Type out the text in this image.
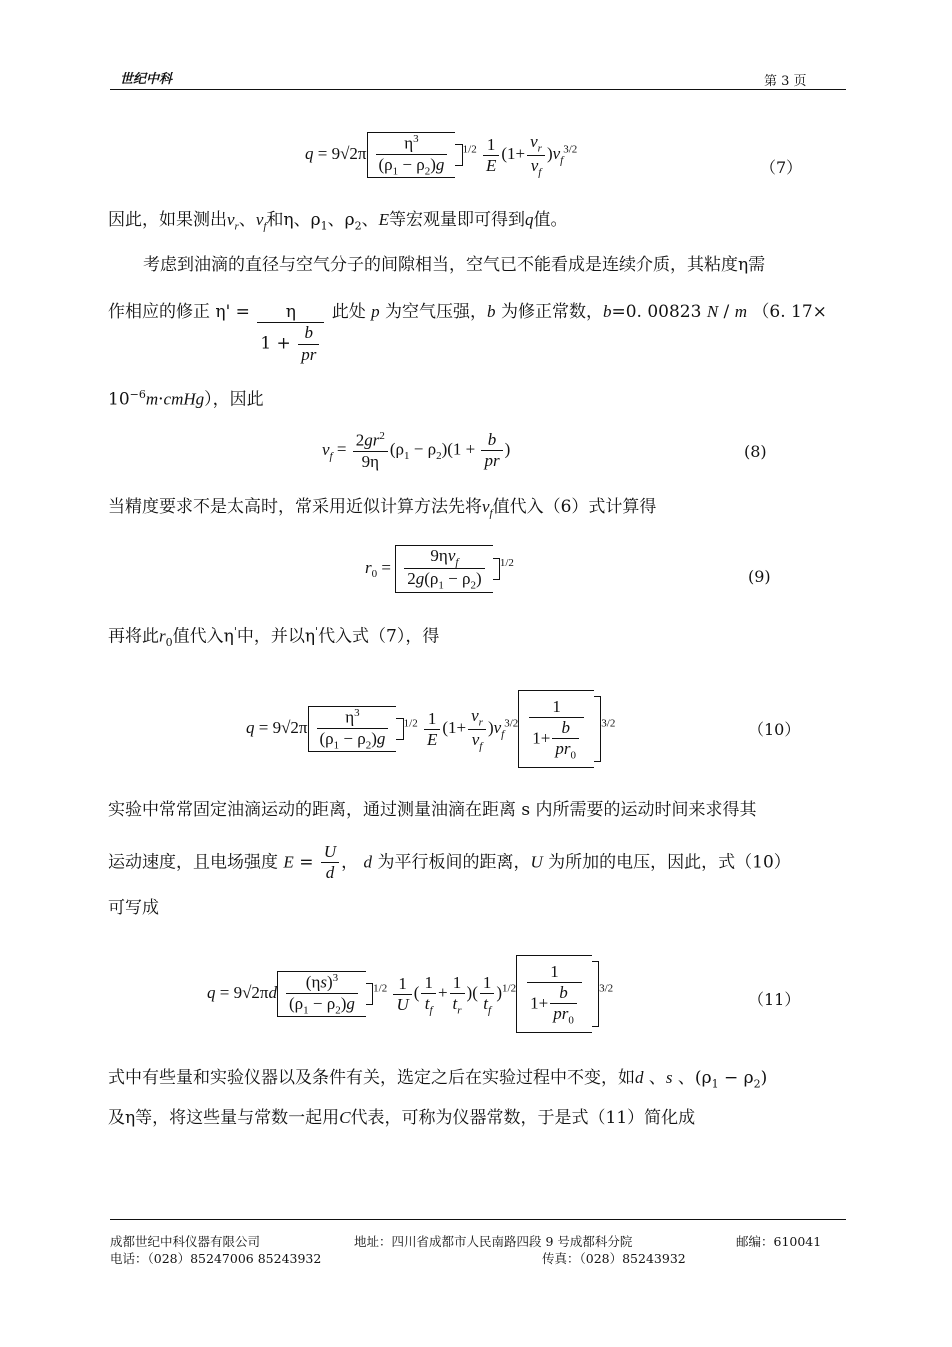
世纪中科	第 3 页
$q = 9√2\pi \frac{\eta^3}{(\rho_1 - \rho_2)g} ^{1/2} \frac{1}{E} (1+ \frac{v_r}{v_f} )v_f^{3/2}$
（7）
因此，如果测出$v_r$、$v_f$和η、$\rho_1$、$\rho_2$、E等宏观量即可得到q值。
考虑到油滴的直径与空气分子的间隙相当，空气已不能看成是连续介质，其粘度η需
作相应的修正 $\eta' = \frac{\eta}{1 + \frac{b}{pr}}$ 此处 p 为空气压强，b 为修正常数，b=0. 00823 N / m （6. 17×
$10^{-6}m\cdot cmHg$），因此
$v_f = \frac{2gr^2}{9\eta} (\rho_1 - \rho_2)(1 + \frac{b}{pr}$ )	(8)
当精度要求不是太高时，常采用近似计算方法先将$v_f$值代入（6）式计算得
$r_0 = \frac{9\eta v_f}{2g(\rho_1 - \rho_2)} ^{1/2}$
(9)
再将此$r_0$值代入η'中，并以η'代入式（7），得
$q = 9√2\pi \frac{\eta^3}{(\rho_1 - \rho_2)g} ^{1/2} \frac{1}{E} (1+ \frac{v_r}{v_f} )v_f^{3/2} \frac{1}{1+ \frac{b}{pr_0}} ^{3/2}$	（10）
实验中常常固定油滴运动的距离，通过测量油滴在距离 s 内所需要的运动时间来求得其
运动速度，且电场强度 $E = \frac{U}{d}$ ， d 为平行板间的距离，U 为所加的电压，因此，式（10）
可写成
$q = 9√2\pi d \frac{(\eta s)^3}{(\rho_1 - \rho_2)g} ^{1/2} \frac{1}{U}$ ( $\frac{1}{t_f} + \frac{1}{t_r}$ )( $\frac{1}{t_f} )^{1/2} \frac{1}{1+ \frac{b}{pr_0}} ^{3/2}$
（11）
式中有些量和实验仪器以及条件有关，选定之后在实验过程中不变，如d 、s 、$(\rho_1 - \rho_2)$
及η等，将这些量与常数一起用C代表，可称为仪器常数，于是式（11）简化成
成都世纪中科仪器有限公司	地址：四川省成都市人民南路四段 9 号成都科分院	邮编：610041
电话：（028）85247006 85243932	传真：（028）85243932
